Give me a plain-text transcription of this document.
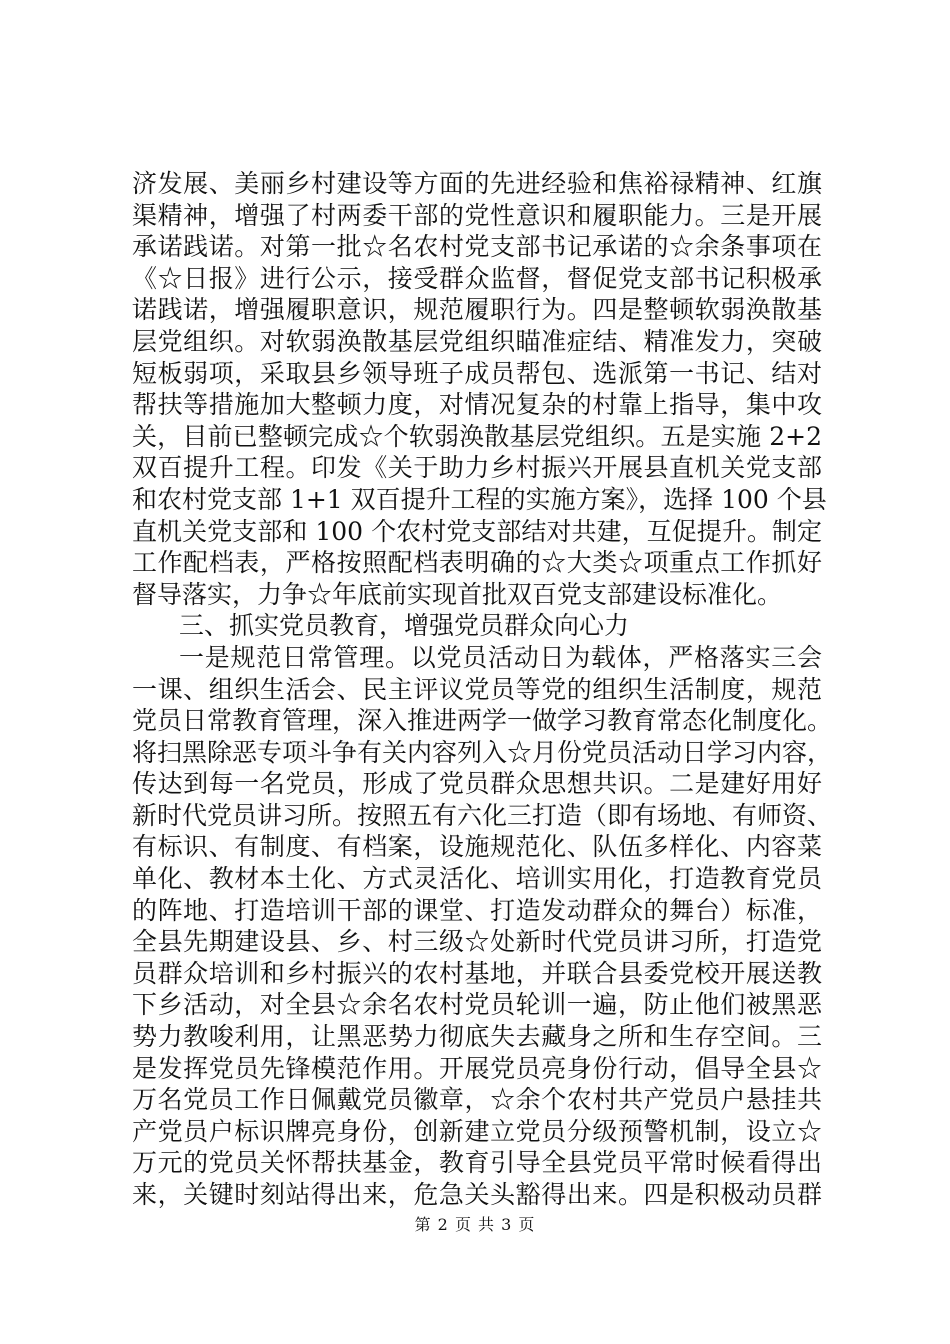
济发展、美丽乡村建设等方面的先进经验和焦裕禄精神、红旗
渠精神，增强了村两委干部的党性意识和履职能力。三是开展
承诺践诺。对第一批☆名农村党支部书记承诺的☆余条事项在
《☆日报》进行公示，接受群众监督，督促党支部书记积极承
诺践诺，增强履职意识，规范履职行为。四是整顿软弱涣散基
层党组织。对软弱涣散基层党组织瞄准症结、精准发力，突破
短板弱项，采取县乡领导班子成员帮包、选派第一书记、结对
帮扶等措施加大整顿力度，对情况复杂的村靠上指导，集中攻
关，目前已整顿完成☆个软弱涣散基层党组织。五是实施 2+2
双百提升工程。印发《关于助力乡村振兴开展县直机关党支部
和农村党支部 1+1 双百提升工程的实施方案》，选择 100 个县
直机关党支部和 100 个农村党支部结对共建，互促提升。制定
工作配档表，严格按照配档表明确的☆大类☆项重点工作抓好
督导落实，力争☆年底前实现首批双百党支部建设标准化。
三、抓实党员教育，增强党员群众向心力
一是规范日常管理。以党员活动日为载体，严格落实三会
一课、组织生活会、民主评议党员等党的组织生活制度，规范
党员日常教育管理，深入推进两学一做学习教育常态化制度化。
将扫黑除恶专项斗争有关内容列入☆月份党员活动日学习内容，
传达到每一名党员，形成了党员群众思想共识。二是建好用好
新时代党员讲习所。按照五有六化三打造（即有场地、有师资、
有标识、有制度、有档案，设施规范化、队伍多样化、内容菜
单化、教材本土化、方式灵活化、培训实用化，打造教育党员
的阵地、打造培训干部的课堂、打造发动群众的舞台）标准，
全县先期建设县、乡、村三级☆处新时代党员讲习所，打造党
员群众培训和乡村振兴的农村基地，并联合县委党校开展送教
下乡活动，对全县☆余名农村党员轮训一遍，防止他们被黑恶
势力教唆利用，让黑恶势力彻底失去藏身之所和生存空间。三
是发挥党员先锋模范作用。开展党员亮身份行动，倡导全县☆
万名党员工作日佩戴党员徽章，☆余个农村共产党员户悬挂共
产党员户标识牌亮身份，创新建立党员分级预警机制，设立☆
万元的党员关怀帮扶基金，教育引导全县党员平常时候看得出
来，关键时刻站得出来，危急关头豁得出来。四是积极动员群
第 2 页 共 3 页
